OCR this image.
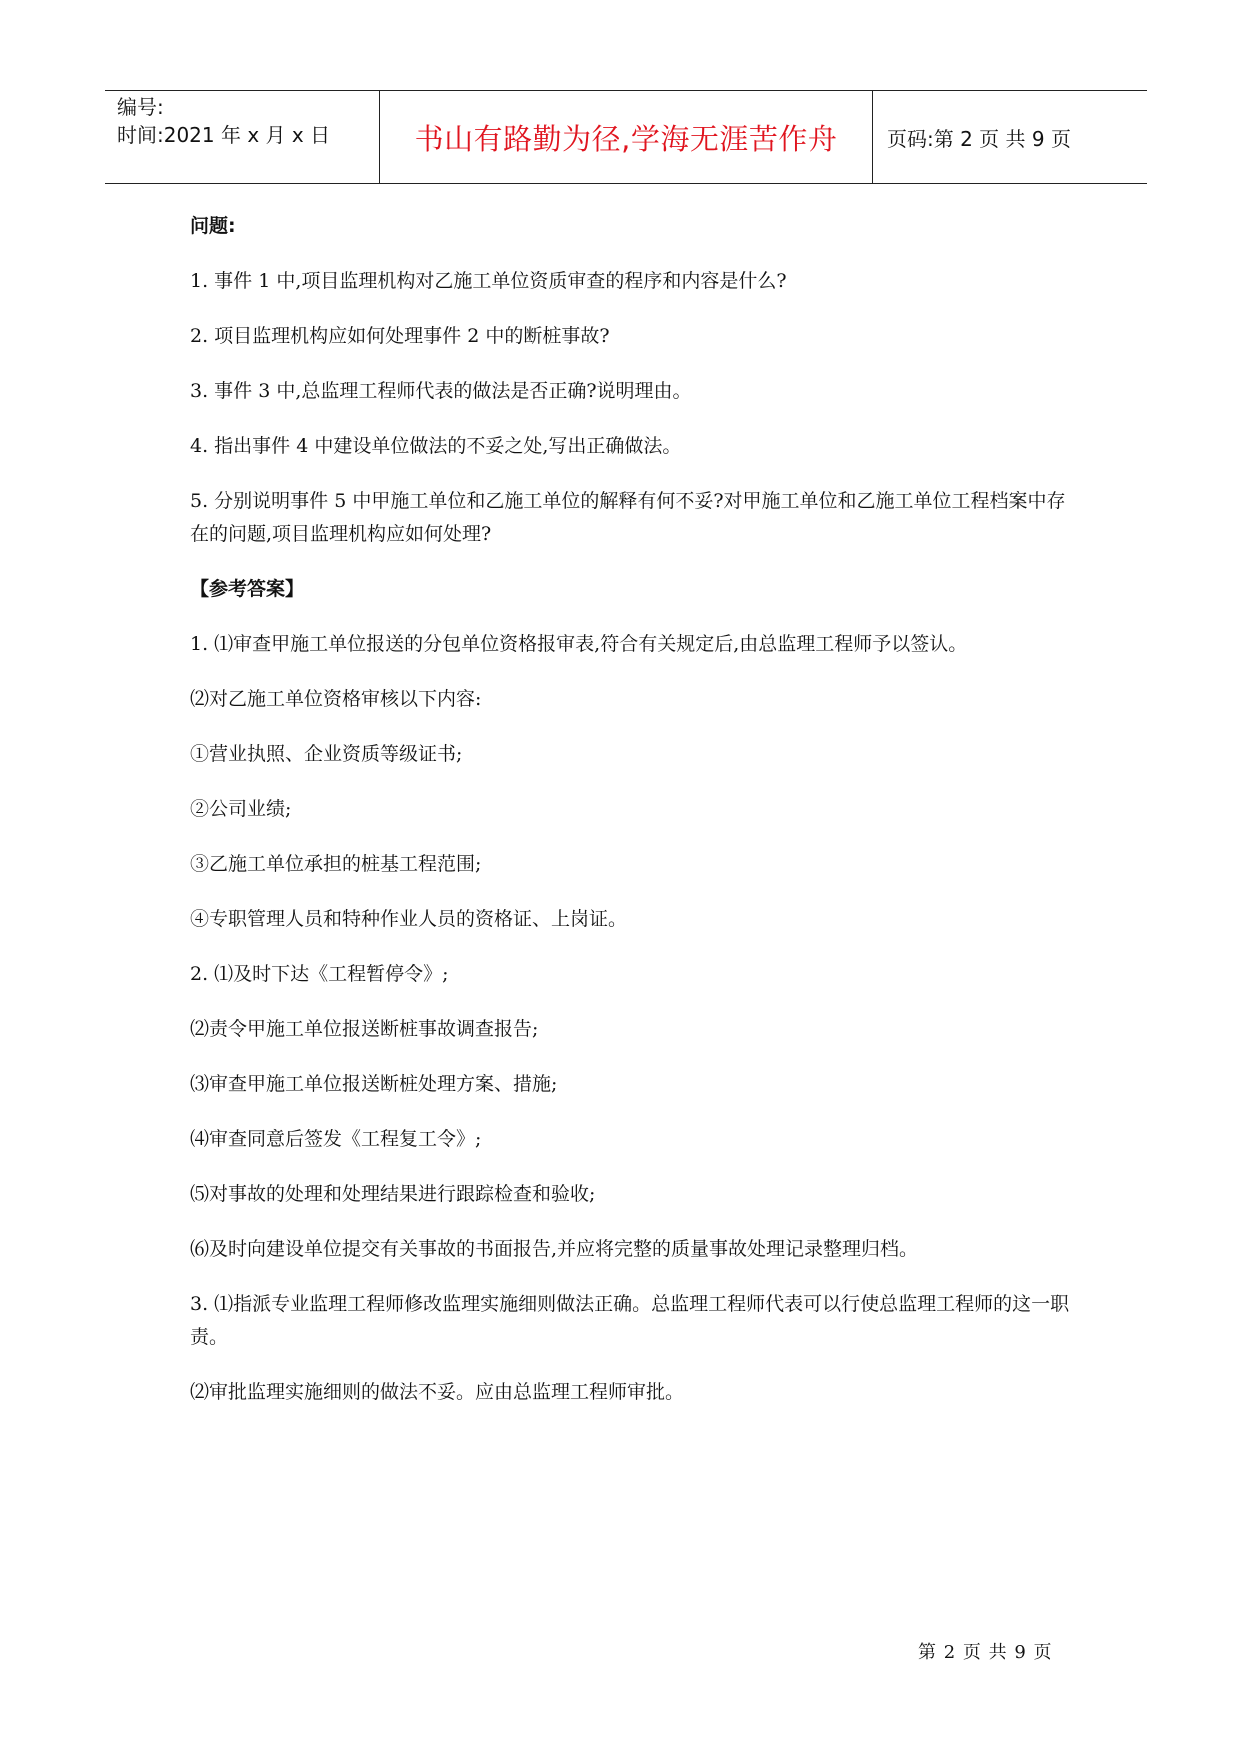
编号:
时间:2021 年 x 月 x 日	书山有路勤为径,学海无涯苦作舟	页码:第 2 页 共 9 页

问题:

1. 事件 1 中,项目监理机构对乙施工单位资质审查的程序和内容是什么?

2. 项目监理机构应如何处理事件 2 中的断桩事故?

3. 事件 3 中,总监理工程师代表的做法是否正确?说明理由。

4. 指出事件 4 中建设单位做法的不妥之处,写出正确做法。

5. 分别说明事件 5 中甲施工单位和乙施工单位的解释有何不妥?对甲施工单位和乙施工单位工程档案中存在的问题,项目监理机构应如何处理?

【参考答案】

1. ⑴审查甲施工单位报送的分包单位资格报审表,符合有关规定后,由总监理工程师予以签认。

⑵对乙施工单位资格审核以下内容:

①营业执照、企业资质等级证书;

②公司业绩;

③乙施工单位承担的桩基工程范围;

④专职管理人员和特种作业人员的资格证、上岗证。

2. ⑴及时下达《工程暂停令》;

⑵责令甲施工单位报送断桩事故调查报告;

⑶审查甲施工单位报送断桩处理方案、措施;

⑷审查同意后签发《工程复工令》;

⑸对事故的处理和处理结果进行跟踪检查和验收;

⑹及时向建设单位提交有关事故的书面报告,并应将完整的质量事故处理记录整理归档。

3. ⑴指派专业监理工程师修改监理实施细则做法正确。总监理工程师代表可以行使总监理工程师的这一职责。

⑵审批监理实施细则的做法不妥。应由总监理工程师审批。

第 2 页 共 9 页
